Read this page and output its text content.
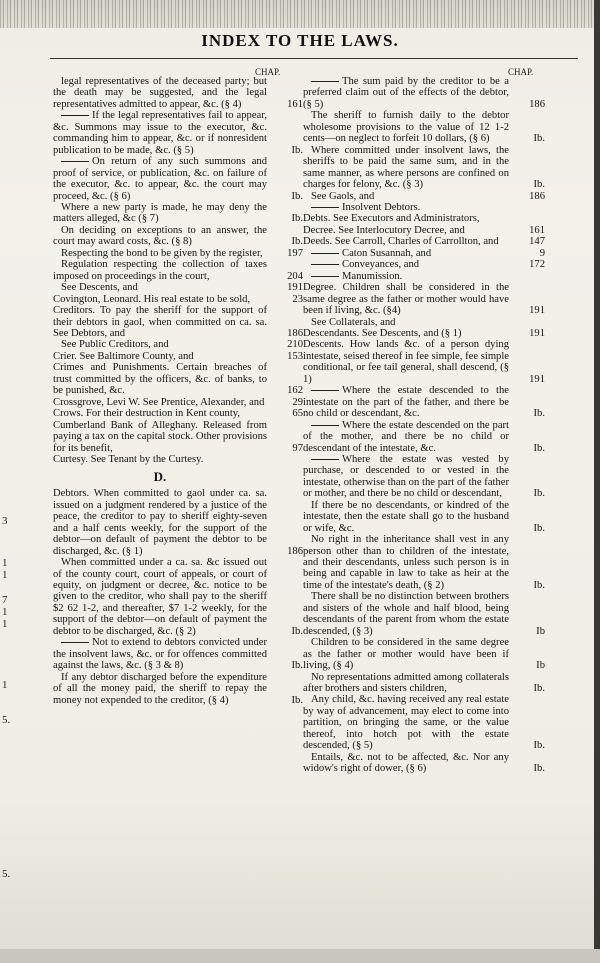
3
1
1
7
1
1
1
5.
5.
INDEX TO THE LAWS.
CHAP.	CHAP.
legal representatives of the deceased party; but the death may be suggested, and the legal representatives admitted to appear, &c. (§ 4)	161
If the legal representatives fail to appear, &c. Summons may issue to the executor, &c. commanding him to appear, &c. or if nonresident publication to be made, &c. (§ 5)	Ib.
On return of any such summons and proof of service, or publication, &c. on failure of the executor, &c. to appear, &c. the court may proceed, &c. (§ 6)	Ib.
Where a new party is made, he may deny the matters alleged, &c (§ 7)	Ib.
On deciding on exceptions to an answer, the court may award costs, &c. (§ 8)	Ib.
Respecting the bond to be given by the register,	197
Regulation respecting the collection of taxes imposed on proceedings in the court,	204
See Descents, and	191
Covington, Leonard. His real estate to be sold,	23
Creditors. To pay the sheriff for the support of their debtors in gaol, when committed on ca. sa. See Debtors, and	186
See Public Creditors, and	210
Crier. See Baltimore County, and	153
Crimes and Punishments. Certain breaches of trust committed by the officers, &c. of banks, to be punished, &c.	162
Crossgrove, Levi W. See Prentice, Alexander, and	29
Crows. For their destruction in Kent county,	65
Cumberland Bank of Alleghany. Released from paying a tax on the capital stock. Other provisions for its benefit,	97
Curtesy. See Tenant by the Curtesy.
D.
Debtors. When committed to gaol under ca. sa. issued on a judgment rendered by a justice of the peace, the creditor to pay to sheriff eighty-seven and a half cents weekly, for the support of the debtor—on default of payment the debtor to be discharged, &c. (§ 1)	186
When committed under a ca. sa. &c issued out of the county court, court of appeals, or court of equity, on judgment or decree, &c. notice to be given to the creditor, who shall pay to the sheriff $2 62 1-2, and thereafter, $7 1-2 weekly, for the support of the debtor—on default of payment the debtor to be discharged, &c. (§ 2)	Ib.
Not to extend to debtors convicted under the insolvent laws, &c. or for offences committed against the laws, &c. (§ 3 & 8)	Ib.
If any debtor discharged before the expenditure of all the money paid, the sheriff to repay the money not expended to the creditor, (§ 4)	Ib.
The sum paid by the creditor to be a preferred claim out of the effects of the debtor, (§ 5)	186
The sheriff to furnish daily to the debtor wholesome provisions to the value of 12 1-2 cents—on neglect to forfeit 10 dollars, (§ 6)	Ib.
Where committed under insolvent laws, the sheriffs to be paid the same sum, and in the same manner, as where persons are confined on charges for felony, &c. (§ 3)	Ib.
See Gaols, and	186
Insolvent Debtors.
Debts. See Executors and Administrators,
Decree. See Interlocutory Decree, and	161
Deeds. See Carroll, Charles of Carrollton, and	147
Caton Susannah, and	9
Conveyances, and	172
Manumission.
Degree. Children shall be considered in the same degree as the father or mother would have been if living, &c. (§4)	191
See Collaterals, and
Descendants. See Descents, and (§ 1)	191
Descents. How lands &c. of a person dying intestate, seised thereof in fee simple, fee simple conditional, or fee tail general, shall descend, (§ 1)	191
Where the estate descended to the intestate on the part of the father, and there be no child or descendant, &c.	Ib.
Where the estate descended on the part of the mother, and there be no child or descendant of the intestate, &c.	Ib.
Where the estate was vested by purchase, or descended to or vested in the intestate, otherwise than on the part of the father or mother, and there be no child or descendant,	Ib.
If there be no descendants, or kindred of the intestate, then the estate shall go to the husband or wife, &c.	Ib.
No right in the inheritance shall vest in any person other than to children of the intestate, and their descendants, unless such person is in being and capable in law to take as heir at the time of the intestate's death, (§ 2)	Ib.
There shall be no distinction between brothers and sisters of the whole and half blood, being descendants of the parent from whom the estate descended, (§ 3)	Ib
Children to be considered in the same degree as the father or mother would have been if living, (§ 4)	Ib
No representations admitted among collaterals after brothers and sisters children,	Ib.
Any child, &c. having received any real estate by way of advancement, may elect to come into partition, on bringing the same, or the value thereof, into hotch pot with the estate descended, (§ 5)	Ib.
Entails, &c. not to be affected, &c. Nor any widow's right of dower, (§ 6)	Ib.
